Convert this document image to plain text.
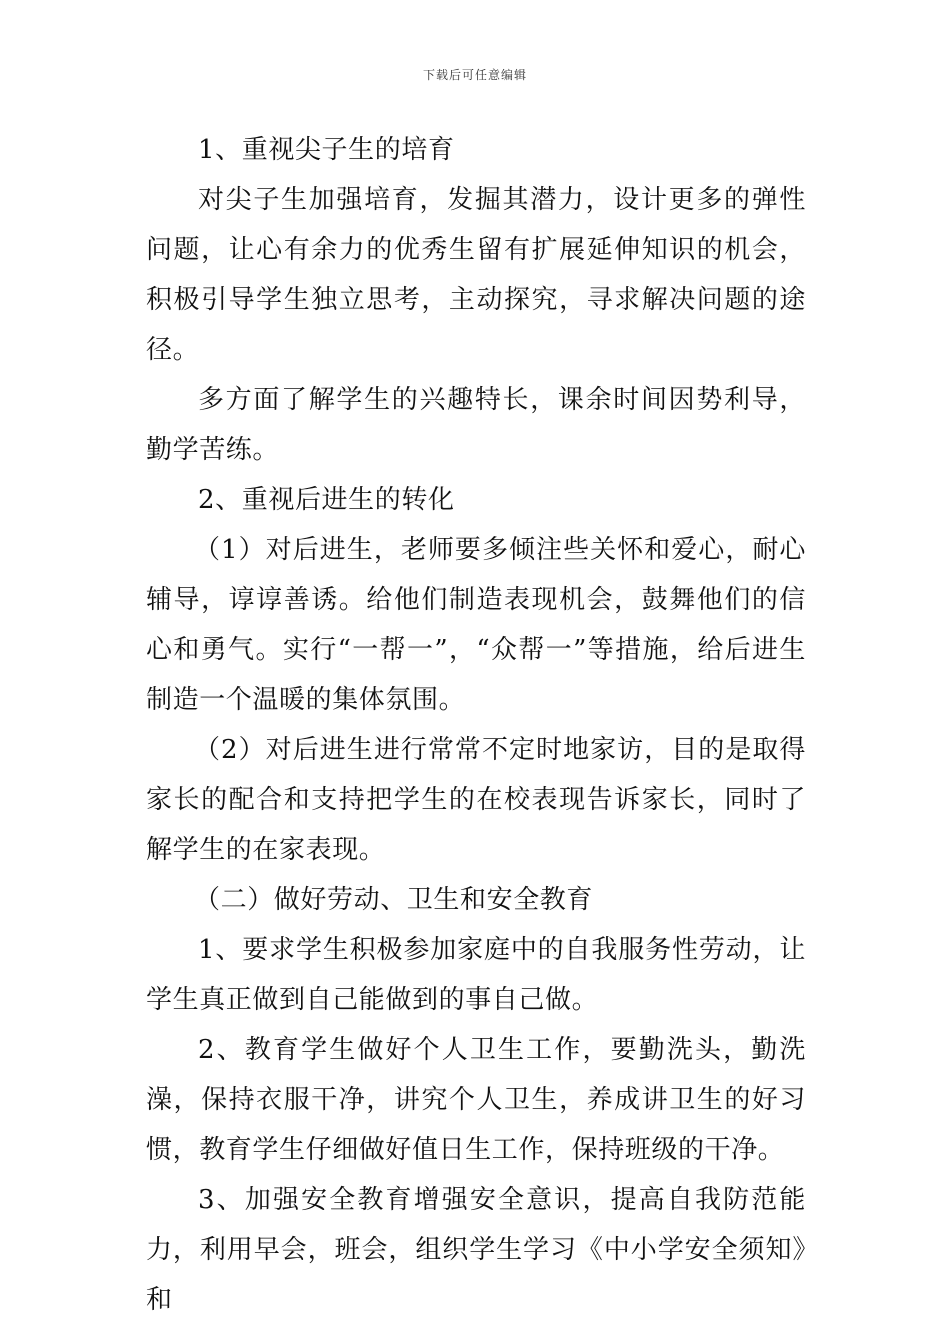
下载后可任意编辑

1、重视尖子生的培育

对尖子生加强培育，发掘其潜力，设计更多的弹性问题，让心有余力的优秀生留有扩展延伸知识的机会，积极引导学生独立思考，主动探究，寻求解决问题的途径。

多方面了解学生的兴趣特长，课余时间因势利导，勤学苦练。

2、重视后进生的转化

（1）对后进生，老师要多倾注些关怀和爱心，耐心辅导，谆谆善诱。给他们制造表现机会，鼓舞他们的信心和勇气。实行“一帮一”，“众帮一”等措施，给后进生制造一个温暖的集体氛围。

（2）对后进生进行常常不定时地家访，目的是取得家长的配合和支持把学生的在校表现告诉家长，同时了解学生的在家表现。

（二）做好劳动、卫生和安全教育

1、要求学生积极参加家庭中的自我服务性劳动，让学生真正做到自己能做到的事自己做。

2、教育学生做好个人卫生工作，要勤洗头，勤洗澡，保持衣服干净，讲究个人卫生，养成讲卫生的好习惯，教育学生仔细做好值日生工作，保持班级的干净。

3、加强安全教育增强安全意识，提高自我防范能力，利用早会，班会，组织学生学习《中小学安全须知》和
